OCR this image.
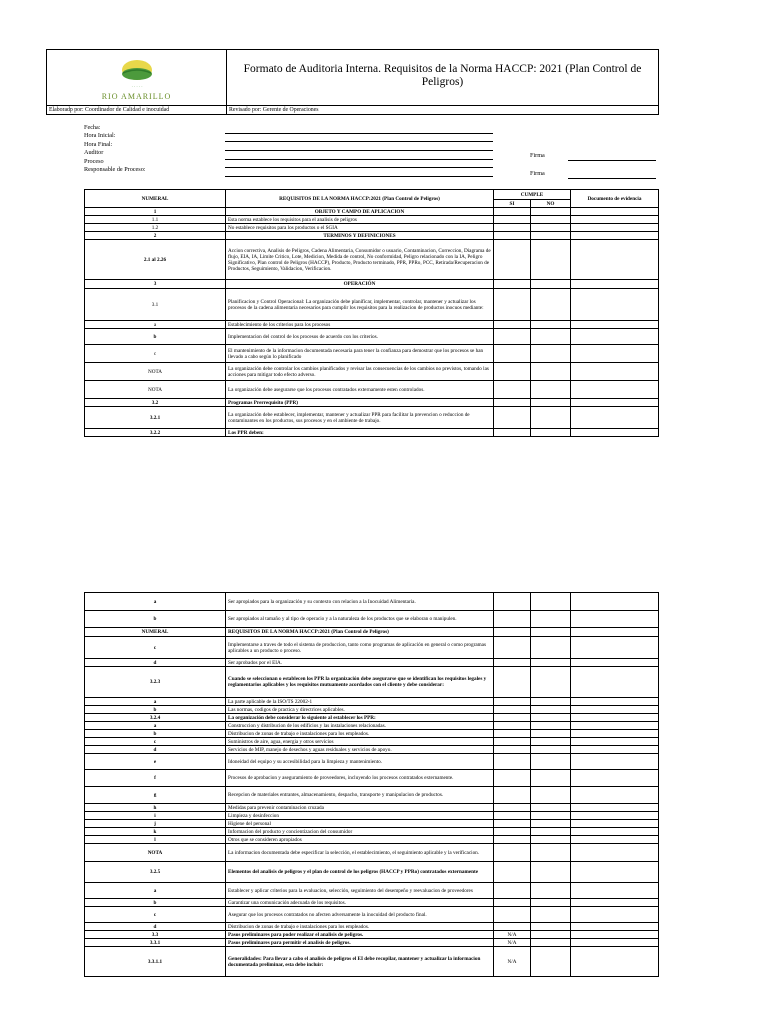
· · · · ·
RIO AMARILLO	Formato de Auditoria Interna. Requisitos de la Norma HACCP: 2021 (Plan Control de Peligros)
Elaboradp por: Coordinador de Calidad e inocuidad	Revisado por: Gerente de Operaciones
Fecha:
Hora Inicial:
Hora Final:
Auditor
Proceso
Responsable de Proceso:
Firma
Firma
NUMERAL	REQUISITOS DE LA NORMA HACCP:2021 (Plan Control de Peligros)	CUMPLE		Documento de evidencia
		SI	NO	
1	OBJETO Y CAMPO DE APLICACION			
1.1	Esta norma establece los requisitos para el analisis de peligros			
1.2	No establece requisitos para los productos o el SGIA			
2	TERMINOS Y DEFINICIONES			
2.1 al 2.26	Accion correctiva, Analisis de Peligros, Cadena Alimentaria, Consumidor o usuario, Contaminacion, Correccion, Diagrama de flujo, EIA, IA, Limite Critico, Lote, Medicion, Medida de control, No conformidad, Peligro relacionado con la IA, Peligro Significativo, Plan control de Peligros (HACCP), Producto, Producto terminado, PPR, PPRo, PCC, Retirada/Recuperacion de Productos, Seguimiento, Validacion, Verificacion.			
3	OPERACIÓN			
3.1	Planificacion y Control Operacional: La organización debe planificar, implementar, controlar, mantener y actualizar los procesos de la cadena alimentaria necesarios para cumplir los requisitos para la realizacion de productos inocuos mediante:			
a	Establecimiento de los criterios para los procesos			
b	Implementacion del control de los procesos de acuerdo con los criterios.			
c	El mantenimiento de la informacion documentada necesaria para tener la confianza para demostrar que los procesos se han llevado a cabo según lo planificado			
NOTA	La organización debe controlar los cambios planificados y revisar las consecuencias de los cambios no previstos, tomando las acciones para mitigar todo efecto adverso.			
NOTA	La organización debe asegurarse que los procesos contratados externamente esten controlados.			
3.2	Programas Prerrequisito (PPR)			
3.2.1	La organización debe establecer, implementar, mantener y actualizar PPR para facilitar la prevencion o reduccion de contaminantes en los productos, sus procesos y en el ambiente de trabajo.			
3.2.2	Los PPR deben:			
a	Ser apropiados para la organización y su contexto con relacion a la Inocuidad Alimentaria.			
b	Ser apropiados al tamaño y al tipo de operacio y a la naturaleza de los productos que se elaboran o manipulen.			
NUMERAL	REQUISITOS DE LA NORMA HACCP:2021 (Plan Control de Peligros)			
c	Implementarse a traves de todo el sistema de produccion, tanto como programas de aplicación en general o como programas aplicables a un producto o proceso.			
d	Ser aprobados por el EIA.			
3.2.3	Cuando se seleccionan o establecen los PPR la organización debe asegurarse que se identifican los requisitos legales y reglamentarios aplicables y los requisitos mutuamente acordados con el cliente y debe considerar:			
a	La parte aplicable de la ISO/TS 22002-1			
b	Las normas, codigos de practica y directrices aplicables.			
3.2.4	La organización debe considerar lo siguiente al establecer los PPR:			
a	Construccion y distribucion de los edificios y las instalaciones relacionadas.			
b	Distribucion de zonas de trabajo e instalaciones para los empleados.			
c	Suministros de aire, agua, energia y otros servicios			
d	Servicios de MIP, manejo de desechos y aguas residuales y servicios de apoyo.			
e	Idoneidad del equipo y su accesibilidad para la limpieza y mantenimiento.			
f	Procesos de aprobacion y aseguramiento de proveedores, incluyendo los procesos contratados externamente.			
g	Recepcion de materiales entrantes, almacenamiento, despacho, transporte y manipulacion de productos.			
h	Medidas para prevenir contaminacion cruzada			
i	Limpieza y desinfeccion			
j	Higiene del personal			
k	Informacion del producto y concientizacion del consumidor			
l	Otros que se consideren apropiados			
NOTA	La informacion documentada debe especificar la selección, el establecimiento, el seguimiento aplicable y la verificacion.			
3.2.5	Elementos del analisis de peligros y el plan de control de los peligros (HACCP y PPRo) contratados externamente			
a	Establecer y aplicar criterios para la evaluacion, selección, seguimiento del desempeño y reevaluacion de proveedores			
b	Garantizar una comunicación adecuada de los requisitos.			
c	Asegurar que los procesos contratados no afecten adversamente la inocuidad del producto final.			
d	Distribucion de zonas de trabajo e instalaciones para los empleados.			
3.3	Pasos preliminares para poder realizar el analisis de peligros.	N/A		
3.3.1	Pasos preliminares para permitir el analisis de peligros.	N/A		
3.3.1.1	Generalidades: Para llevar a cabo el analisis de peligros el EI debe recopilar, mantener y actualizar la informacion documentada preliminar, esta debe incluir:	N/A		
